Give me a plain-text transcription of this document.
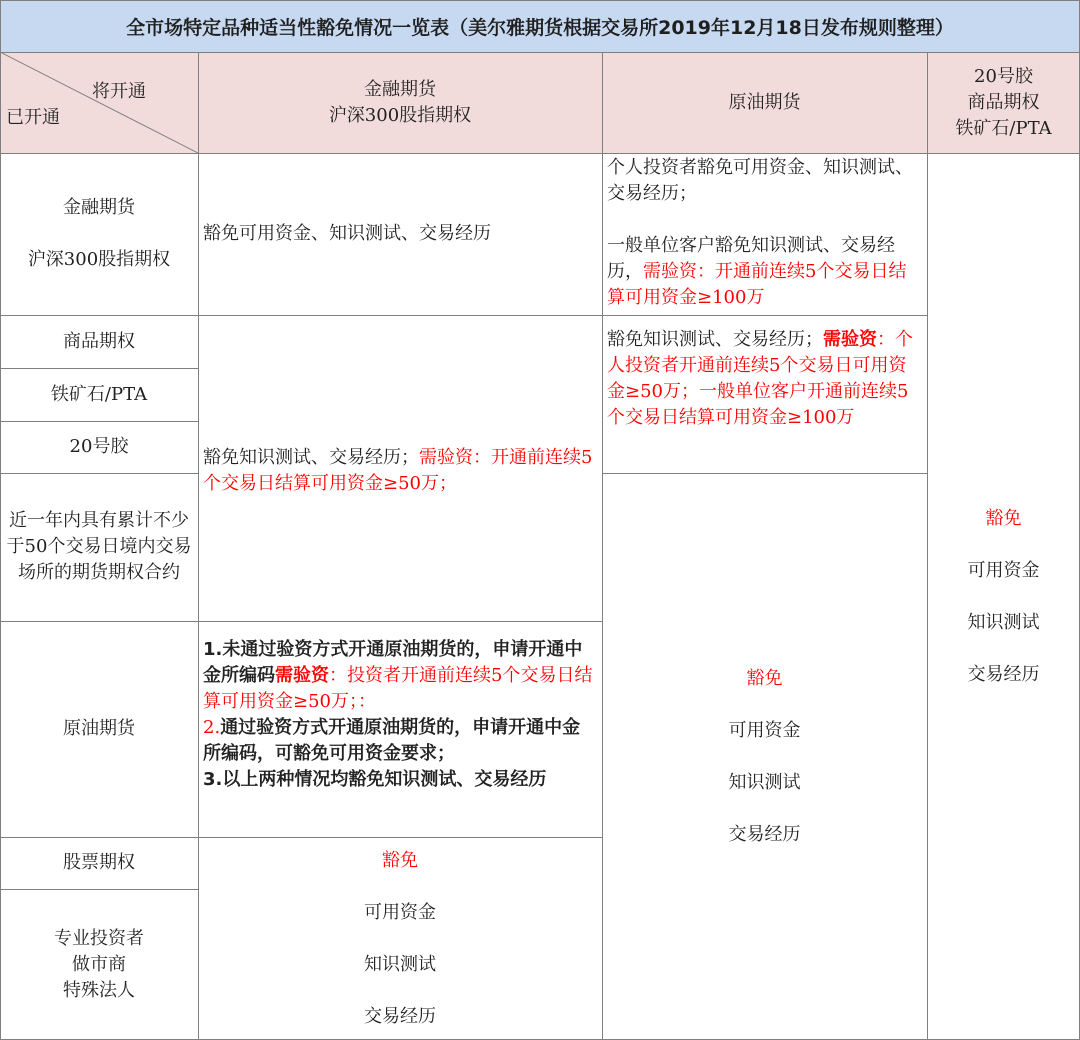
全市场特定品种适当性豁免情况一览表（美尔雅期货根据交易所2019年12月18日发布规则整理）
将开通
已开通
金融期货
沪深300股指期权
原油期货
20号胶
商品期权
铁矿石/PTA
金融期货
沪深300股指期权
商品期权
铁矿石/PTA
20号胶
近一年内具有累计不少于50个交易日境内交易场所的期货期权合约
原油期货
股票期权
专业投资者
做市商
特殊法人
豁免可用资金、知识测试、交易经历

个人投资者豁免可用资金、知识测试、交易经历；

一般单位客户豁免知识测试、交易经历，需验资：开通前连续5个交易日结算可用资金≥100万

豁免知识测试、交易经历；需验资：开通前连续5个交易日结算可用资金≥50万；

豁免知识测试、交易经历；需验资：个人投资者开通前连续5个交易日可用资金≥50万；一般单位客户开通前连续5个交易日结算可用资金≥100万

1.未通过验资方式开通原油期货的，申请开通中金所编码需验资：投资者开通前连续5个交易日结算可用资金≥50万；：

2.通过验资方式开通原油期货的，申请开通中金所编码，可豁免可用资金要求；

3.以上两种情况均豁免知识测试、交易经历

豁免
可用资金
知识测试
交易经历
豁免
可用资金
知识测试
交易经历
豁免
可用资金
知识测试
交易经历
